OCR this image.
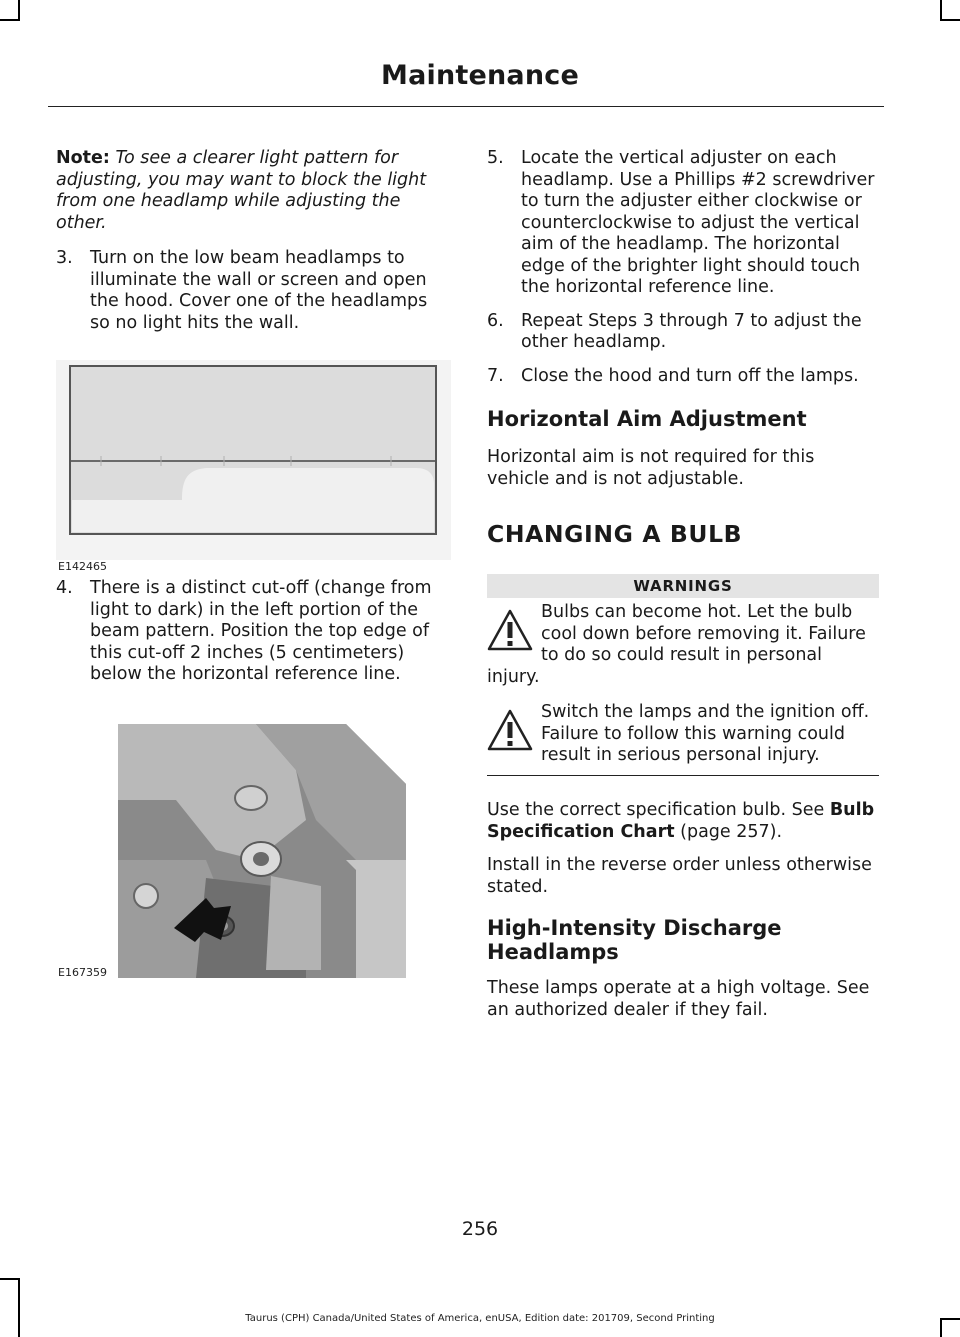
Maintenance

Note: To see a clearer light pattern for adjusting, you may want to block the light from one headlamp while adjusting the other.

3. Turn on the low beam headlamps to illuminate the wall or screen and open the hood. Cover one of the headlamps so no light hits the wall.
E142465
4. There is a distinct cut-off (change from light to dark) in the left portion of the beam pattern. Position the top edge of this cut-off 2 inches (5 centimeters) below the horizontal reference line.
E167359
5. Locate the vertical adjuster on each headlamp. Use a Phillips #2 screwdriver to turn the adjuster either clockwise or counterclockwise to adjust the vertical aim of the headlamp. The horizontal edge of the brighter light should touch the horizontal reference line.
6. Repeat Steps 3 through 7 to adjust the other headlamp.
7. Close the hood and turn off the lamps.
Horizontal Aim Adjustment

Horizontal aim is not required for this vehicle and is not adjustable.

CHANGING A BULB
WARNINGS
Bulbs can become hot. Let the bulb cool down before removing it. Failure to do so could result in personal injury.
Switch the lamps and the ignition off. Failure to follow this warning could result in serious personal injury.

Use the correct specification bulb. See Bulb Specification Chart (page 257).

Install in the reverse order unless otherwise stated.

High-Intensity Discharge Headlamps

These lamps operate at a high voltage. See an authorized dealer if they fail.

256
Taurus (CPH) Canada/United States of America, enUSA, Edition date: 201709, Second Printing
